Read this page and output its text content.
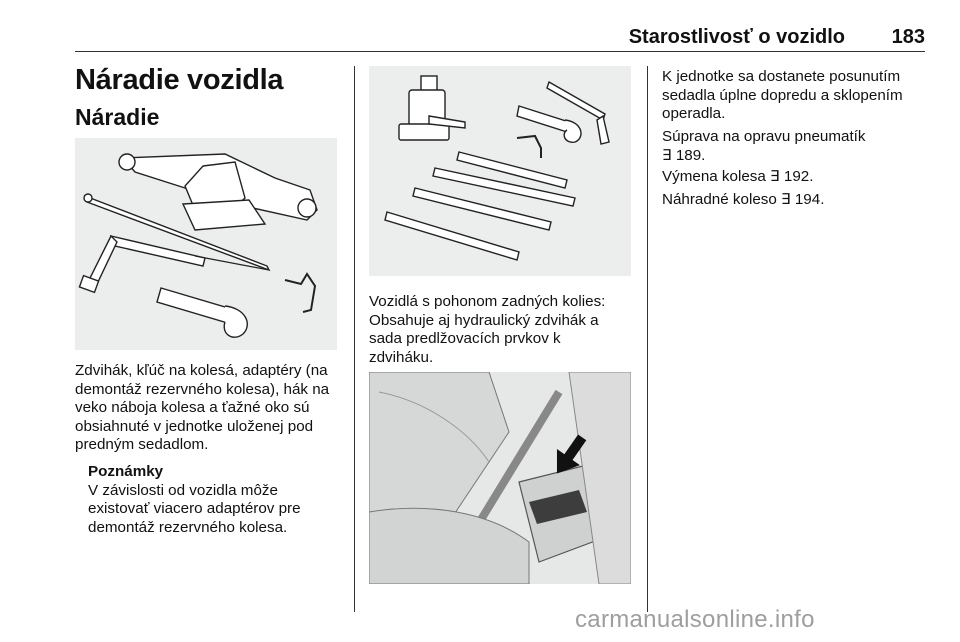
Starostlivosť o vozidlo 183
Náradie vozidla
Náradie
Zdvihák, kľúč na kolesá, adaptéry (na
demontáž rezervného kolesa), hák na
veko náboja kolesa a ťažné oko sú
obsiahnuté v jednotke uloženej pod
predným sedadlom.
Poznámky
V závislosti od vozidla môže
existovať viacero adaptérov pre
demontáž rezervného kolesa.
Vozidlá s pohonom zadných kolies:
Obsahuje aj hydraulický zdvihák a
sada predlžovacích prvkov k
zdviháku.
K jednotke sa dostanete posunutím
sedadla úplne dopredu a sklopením
operadla.
Súprava na opravu pneumatík
∃ 189.
Výmena kolesa ∃ 192.
Náhradné koleso ∃ 194.
carmanualsonline.info
